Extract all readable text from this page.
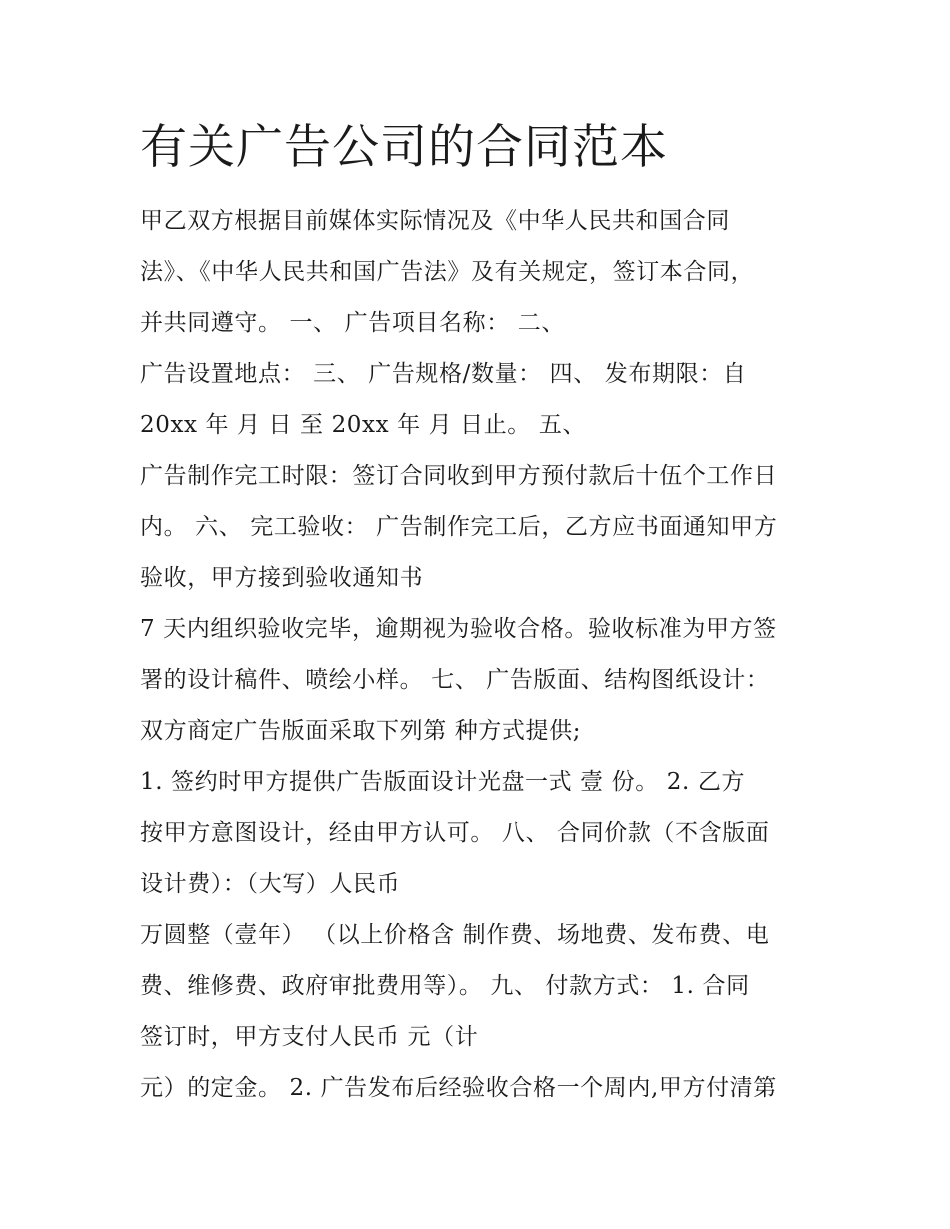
有关广告公司的合同范本
甲乙双方根据目前媒体实际情况及《中华人民共和国合同
法》、《中华人民共和国广告法》及有关规定，签订本合同，
并共同遵守。 一、 广告项目名称： 二、
广告设置地点： 三、 广告规格/数量： 四、 发布期限：自
20xx 年 月 日 至 20xx 年 月 日止。 五、
广告制作完工时限：签订合同收到甲方预付款后十伍个工作日
内。 六、 完工验收： 广告制作完工后，乙方应书面通知甲方
验收，甲方接到验收通知书
7 天内组织验收完毕，逾期视为验收合格。验收标准为甲方签
署的设计稿件、喷绘小样。 七、 广告版面、结构图纸设计：
双方商定广告版面采取下列第 种方式提供;
1. 签约时甲方提供广告版面设计光盘一式 壹 份。 2. 乙方
按甲方意图设计，经由甲方认可。 八、 合同价款（不含版面
设计费）：（大写）人民币
万圆整（壹年） （以上价格含 制作费、场地费、发布费、电
费、维修费、政府审批费用等）。 九、 付款方式： 1. 合同
签订时，甲方支付人民币 元（计
元）的定金。 2. 广告发布后经验收合格一个周内,甲方付清第
